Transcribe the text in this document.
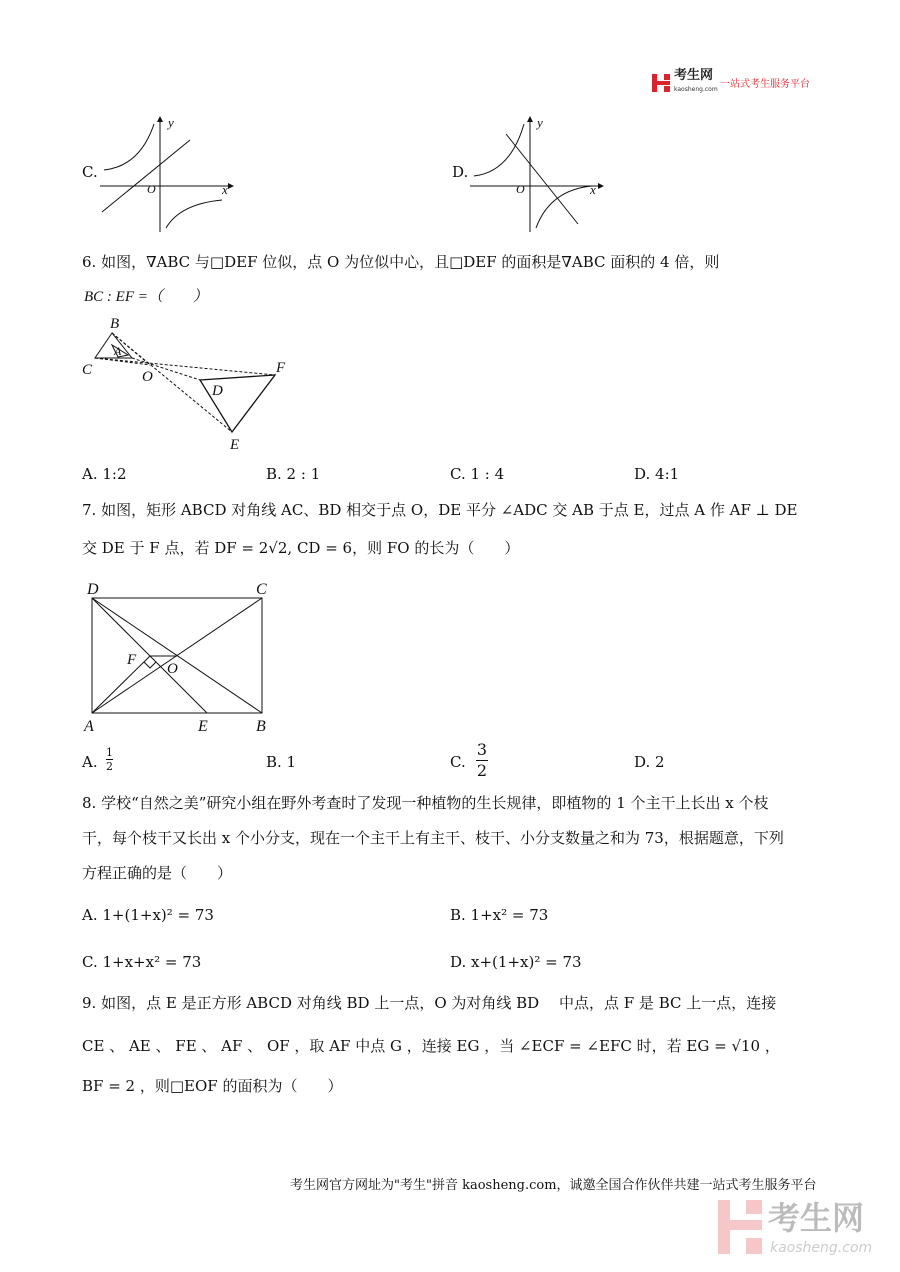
考生网
kaosheng.com 一站式考生服务平台
C.
y
x
O
D.
y
x
O
6. 如图，∇ABC 与□DEF 位似，点 O 为位似中心，且□DEF 的面积是∇ABC 面积的 4 倍，则
BC : EF =（　　）
B
A
C	O
D
F
E
A. 1:2	B. 2 : 1	C. 1 : 4	D. 4:1
7. 如图，矩形 ABCD 对角线 AC、BD 相交于点 O，DE 平分 ∠ADC 交 AB 于点 E，过点 A 作 AF ⊥ DE
交 DE 于 F 点，若 DF = 2√2, CD = 6，则 FO 的长为（　　）
D	C
A	B
E
F
O
A.
1
2	B. 1	C.
3
2	D. 2
8. 学校“自然之美”研究小组在野外考查时了发现一种植物的生长规律，即植物的 1 个主干上长出 x 个枝
干，每个枝干又长出 x 个小分支，现在一个主干上有主干、枝干、小分支数量之和为 73，根据题意，下列
方程正确的是（　　）
A. 1+(1+x)² = 73	B. 1+x² = 73
C. 1+x+x² = 73	D. x+(1+x)² = 73
9. 如图，点 E 是正方形 ABCD 对角线 BD 上一点，O 为对角线 BD　 中点，点 F 是 BC 上一点，连接
CE 、 AE 、 FE 、 AF 、 OF ，取 AF 中点 G ，连接 EG ，当 ∠ECF = ∠EFC 时，若 EG = √10 ，
BF = 2 ，则□EOF 的面积为（　　）
考生网官方网址为"考生"拼音 kaosheng.com，诚邀全国合作伙伴共建一站式考生服务平台
考生网
kaosheng.com
